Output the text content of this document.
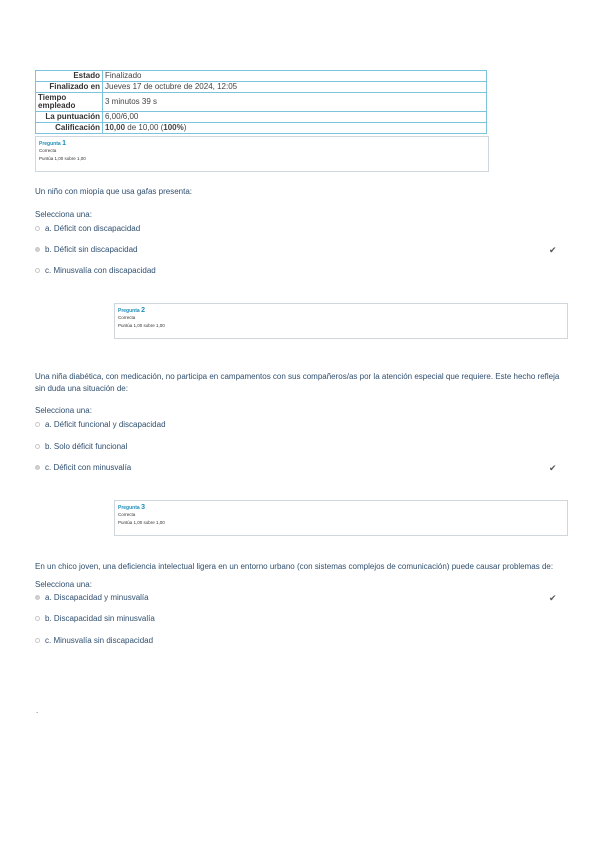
Estado	Finalizado
Finalizado en	Jueves 17 de octubre de 2024, 12:05
Tiempo empleado	3 minutos 39 s
La puntuación	6,00/6,00
Calificación	10,00 de 10,00 (100%)
Pregunta 1
Correcta
Puntúa 1,00 sobre 1,00
Un niño con miopía que usa gafas presenta:
Selecciona una:
a. Déficit con discapacidad
b. Déficit sin discapacidad	✔
c. Minusvalía con discapacidad
Pregunta 2
Correcta
Puntúa 1,00 sobre 1,00
Una niña diabética, con medicación, no participa en campamentos con sus compañeros/as por la atención especial que requiere. Este hecho refleja sin duda una situación de:
Selecciona una:
a. Déficit funcional y discapacidad
b. Solo déficit funcional
c. Déficit con minusvalía	✔
Pregunta 3
Correcta
Puntúa 1,00 sobre 1,00
En un chico joven, una deficiencia intelectual ligera en un entorno urbano (con sistemas complejos de comunicación) puede causar problemas de:
Selecciona una:
a. Discapacidad y minusvalía	✔
b. Discapacidad sin minusvalía
c. Minusvalía sin discapacidad
.
